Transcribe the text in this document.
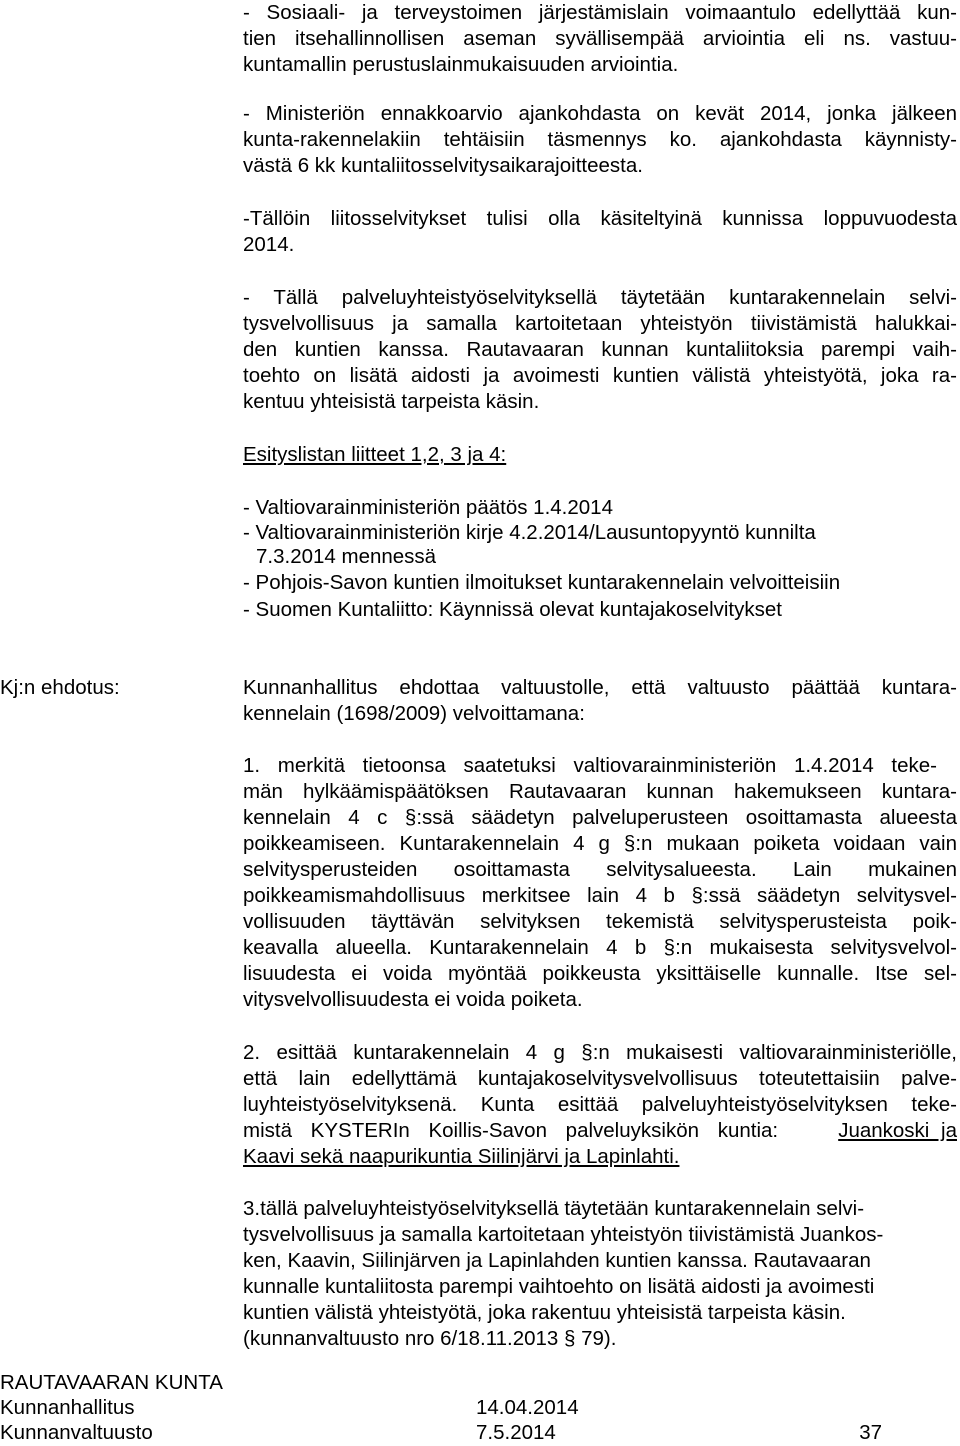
- Sosiaali- ja terveystoimen järjestämislain voimaantulo edellyttää kun-
tien itsehallinnollisen aseman syvällisempää arviointia eli ns. vastuu-
kuntamallin perustuslainmukaisuuden arviointia.
- Ministeriön ennakkoarvio ajankohdasta on kevät 2014, jonka jälkeen
kunta-rakennelakiin tehtäisiin täsmennys ko. ajankohdasta käynnisty-
västä 6 kk kuntaliitosselvitysaikarajoitteesta.
-Tällöin liitosselvitykset tulisi olla käsiteltyinä kunnissa loppuvuodesta
2014.
- Tällä palveluyhteistyöselvityksellä täytetään kuntarakennelain selvi-
tysvelvollisuus ja samalla kartoitetaan yhteistyön tiivistämistä halukkai-
den kuntien kanssa. Rautavaaran kunnan kuntaliitoksia parempi vaih-
toehto on lisätä aidosti ja avoimesti kuntien välistä yhteistyötä, joka ra-
kentuu yhteisistä tarpeista käsin.
Esityslistan liitteet 1,2, 3 ja 4:
- Valtiovarainministeriön päätös 1.4.2014
- Valtiovarainministeriön kirje 4.2.2014/Lausuntopyyntö kunnilta
7.3.2014 mennessä
- Pohjois-Savon kuntien ilmoitukset kuntarakennelain velvoitteisiin
- Suomen Kuntaliitto: Käynnissä olevat kuntajakoselvitykset
Kj:n ehdotus:	Kunnanhallitus ehdottaa valtuustolle, että valtuusto päättää kuntara-
kennelain (1698/2009) velvoittamana:
1. merkitä tietoonsa saatetuksi valtiovarainministeriön 1.4.2014 teke-
män hylkäämispäätöksen Rautavaaran kunnan hakemukseen kuntara-
kennelain 4 c §:ssä säädetyn palveluperusteen osoittamasta alueesta
poikkeamiseen. Kuntarakennelain 4 g §:n mukaan poiketa voidaan vain
selvitysperusteiden osoittamasta selvitysalueesta. Lain mukainen
poikkeamismahdollisuus merkitsee lain 4 b §:ssä säädetyn selvitysvel-
vollisuuden täyttävän selvityksen tekemistä selvitysperusteista poik-
keavalla alueella. Kuntarakennelain 4 b §:n mukaisesta selvitysvelvol-
lisuudesta ei voida myöntää poikkeusta yksittäiselle kunnalle. Itse sel-
vitysvelvollisuudesta ei voida poiketa.
2. esittää kuntarakennelain 4 g §:n mukaisesti valtiovarainministeriölle,
että lain edellyttämä kuntajakoselvitysvelvollisuus toteutettaisiin palve-
luyhteistyöselvityksenä. Kunta esittää palveluyhteistyöselvityksen teke-
mistä KYSTERIn Koillis-Savon palveluyksikön kuntia:	Juankoski ja
Kaavi sekä naapurikuntia Siilinjärvi ja Lapinlahti.
3.tällä palveluyhteistyöselvityksellä täytetään kuntarakennelain selvi-
tysvelvollisuus ja samalla kartoitetaan yhteistyön tiivistämistä Juankos-
ken, Kaavin, Siilinjärven ja Lapinlahden kuntien kanssa. Rautavaaran
kunnalle kuntaliitosta parempi vaihtoehto on lisätä aidosti ja avoimesti
kuntien välistä yhteistyötä, joka rakentuu yhteisistä tarpeista käsin.
(kunnanvaltuusto nro 6/18.11.2013 § 79).
RAUTAVAARAN KUNTA
Kunnanhallitus	14.04.2014
Kunnanvaltuusto	7.5.2014	37
